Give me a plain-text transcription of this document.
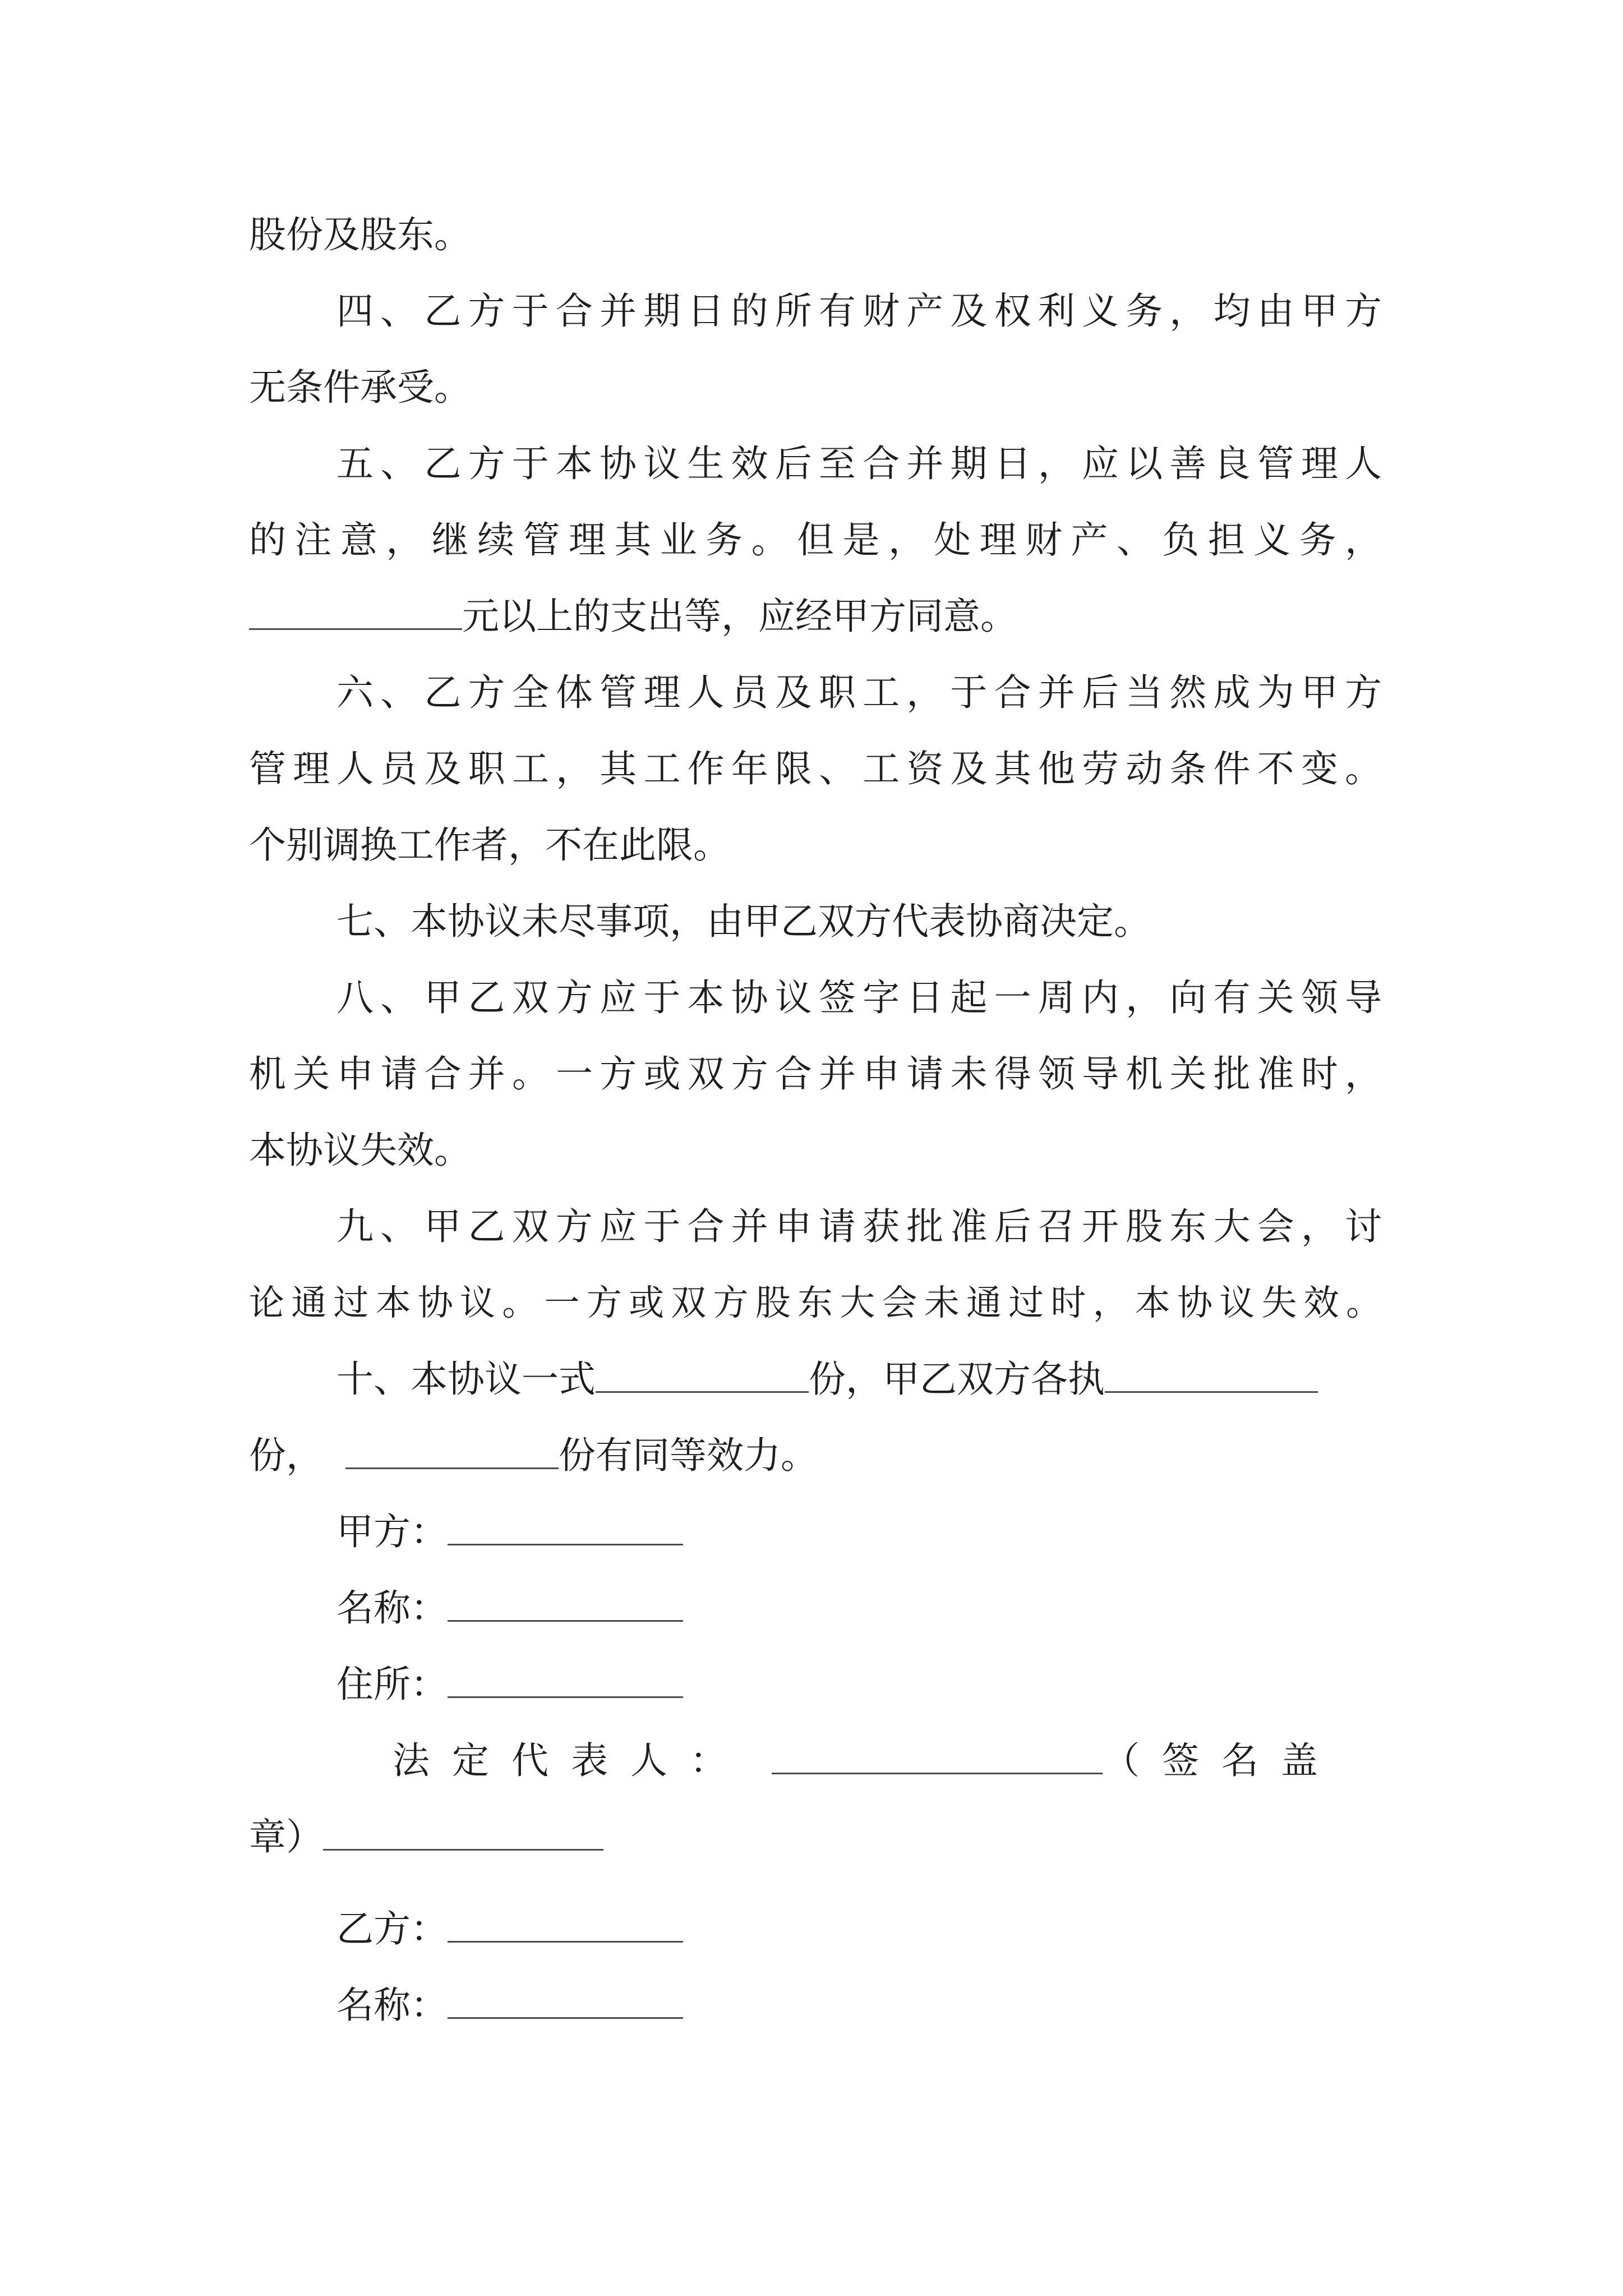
股份及股东。
四、乙方于合并期日的所有财产及权利义务，均由甲方
无条件承受。
五、乙方于本协议生效后至合并期日，应以善良管理人
的注意，继续管理其业务。但是，处理财产、负担义务，
元以上的支出等，应经甲方同意。
六、乙方全体管理人员及职工，于合并后当然成为甲方
管理人员及职工，其工作年限、工资及其他劳动条件不变。
个别调换工作者，不在此限。
七、本协议未尽事项，由甲乙双方代表协商决定。
八、甲乙双方应于本协议签字日起一周内，向有关领导
机关申请合并。一方或双方合并申请未得领导机关批准时，
本协议失效。
九、甲乙双方应于合并申请获批准后召开股东大会，讨
论通过本协议。一方或双方股东大会未通过时，本协议失效。
十、本协议一式	份，甲乙双方各执
份，	份有同等效力。
甲方：
名称：
住所：
法定代表人：	（签名盖
章）
乙方：
名称：
